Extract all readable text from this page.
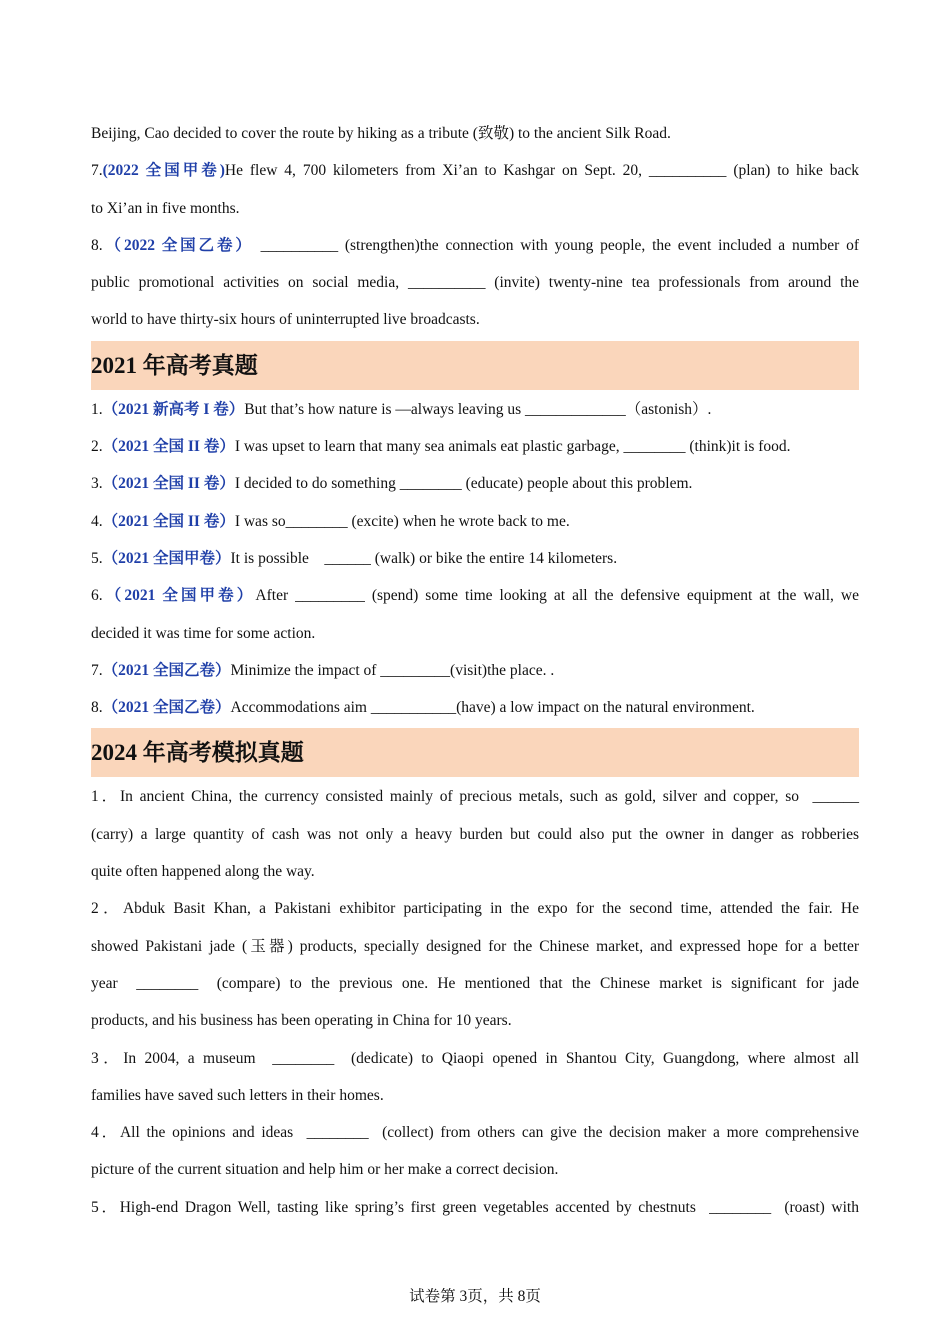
Beijing, Cao decided to cover the route by hiking as a tribute (致敬) to the ancient Silk Road.
7.(2022 全国甲卷)He flew 4, 700 kilometers from Xi’an to Kashgar on Sept. 20, __________ (plan) to hike back
to Xi’an in five months.
8.（2022 全国乙卷） __________ (strengthen)the connection with young people, the event included a number of
public promotional activities on social media, __________ (invite) twenty-nine tea professionals from around the
world to have thirty-six hours of uninterrupted live broadcasts.
2021 年高考真题
1.（2021 新高考 I 卷）But that’s how nature is —always leaving us _____________（astonish）.
2.（2021 全国 II 卷）I was upset to learn that many sea animals eat plastic garbage, ________ (think)it is food.
3.（2021 全国 II 卷）I decided to do something ________ (educate) people about this problem.
4.（2021 全国 II 卷）I was so________ (excite) when he wrote back to me.
5.（2021 全国甲卷）It is possible    ______ (walk) or bike the entire 14 kilometers.
6.（2021 全国甲卷）After _________ (spend) some time looking at all the defensive equipment at the wall, we
decided it was time for some action.
7.（2021 全国乙卷）Minimize the impact of _________(visit)the place. .
8.（2021 全国乙卷）Accommodations aim ___________(have) a low impact on the natural environment.
2024 年高考模拟真题
1．In ancient China, the currency consisted mainly of precious metals, such as gold, silver and copper, so  ______
(carry) a large quantity of cash was not only a heavy burden but could also put the owner in danger as robberies
quite often happened along the way.
2．Abduk Basit Khan, a Pakistani exhibitor participating in the expo for the second time, attended the fair. He
showed Pakistani jade (玉器) products, specially designed for the Chinese market, and expressed hope for a better
year  ________  (compare) to the previous one. He mentioned that the Chinese market is significant for jade
products, and his business has been operating in China for 10 years.
3．In 2004, a museum  ________  (dedicate) to Qiaopi opened in Shantou City, Guangdong, where almost all
families have saved such letters in their homes.
4．All the opinions and ideas  ________  (collect) from others can give the decision maker a more comprehensive
picture of the current situation and help him or her make a correct decision.
5．High-end Dragon Well, tasting like spring’s first green vegetables accented by chestnuts  ________  (roast) with
试卷第 3页，共 8页
